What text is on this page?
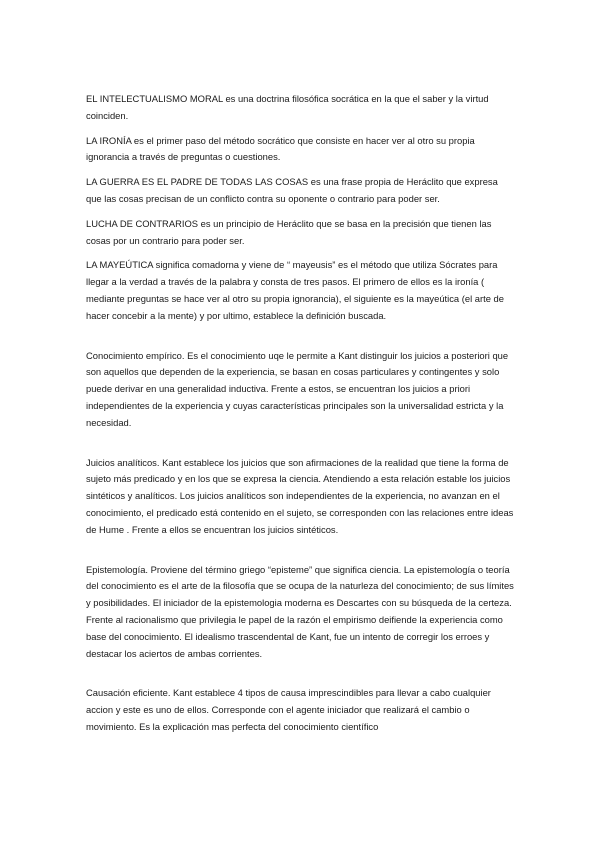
EL INTELECTUALISMO MORAL es una doctrina filosófica socrática en la que el saber y la virtud coinciden.

LA IRONÍA es el primer paso del método socrático que consiste en hacer ver al otro su propia ignorancia a través de preguntas o cuestiones.

LA GUERRA ES EL PADRE DE TODAS LAS COSAS es una frase propia de Heráclito que expresa que las cosas precisan de un conflicto contra su oponente o contrario para poder ser.

LUCHA DE CONTRARIOS es un principio de Heráclito que se basa en la precisión que tienen las cosas por un contrario para poder ser.

LA MAYEÚTICA significa comadorna y viene de “ mayeusis” es el método que utiliza Sócrates para llegar a la verdad a través de la palabra y consta de tres pasos. El primero de ellos es la ironía ( mediante preguntas se hace ver al otro su propia ignorancia), el siguiente es la mayeútica (el arte de hacer concebir a la mente) y por ultimo, establece la definición buscada.

Conocimiento empírico. Es el conocimiento uqe le permite a Kant distinguir los juicios a posteriori que son aquellos que dependen de la experiencia, se basan en cosas particulares y contingentes y solo puede derivar en una generalidad inductiva. Frente a estos, se encuentran los juicios a priori independientes de la experiencia y cuyas características principales son la universalidad estricta y la necesidad.

Juicios analíticos. Kant establece los juicios que son afirmaciones de la realidad que tiene la forma de sujeto más predicado y en los que se expresa la ciencia. Atendiendo a esta relación estable los juicios sintéticos y analíticos. Los juicios analíticos son independientes de la experiencia, no avanzan en el conocimiento, el predicado está contenido en el sujeto, se corresponden con las relaciones entre ideas de Hume . Frente a ellos se encuentran los juicios sintéticos.

Epistemología. Proviene del término griego “episteme” que significa ciencia. La epistemología o teoría del conocimiento es el arte de la filosofía que se ocupa de la naturleza del conocimiento; de sus límites y posibilidades. El iniciador de la epistemologia moderna es Descartes con su búsqueda de la certeza. Frente al racionalismo que privilegia le papel de la razón el empirismo deifiende la experiencia como base del conocimiento. El idealismo trascendental de Kant, fue un intento de corregir los erroes y destacar los aciertos de ambas corrientes.

Causación eficiente. Kant establece 4 tipos de causa imprescindibles para llevar a cabo cualquier accion y este es uno de ellos. Corresponde con el agente iniciador que realizará el cambio o movimiento. Es la explicación mas perfecta del conocimiento científico
